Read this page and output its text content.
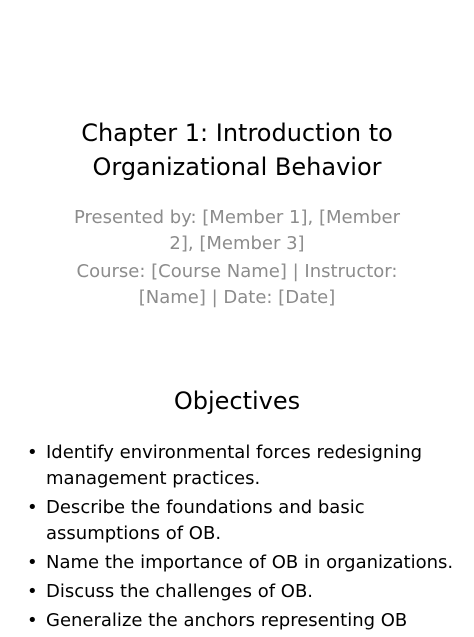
Chapter 1: Introduction to
Organizational Behavior

Presented by: [Member 1], [Member
2], [Member 3]

Course: [Course Name] | Instructor:
[Name] | Date: [Date]

Objectives
• Identify environmental forces redesigning management practices.
• Describe the foundations and basic assumptions of OB.
• Name the importance of OB in organizations.
• Discuss the challenges of OB.
• Generalize the anchors representing OB
